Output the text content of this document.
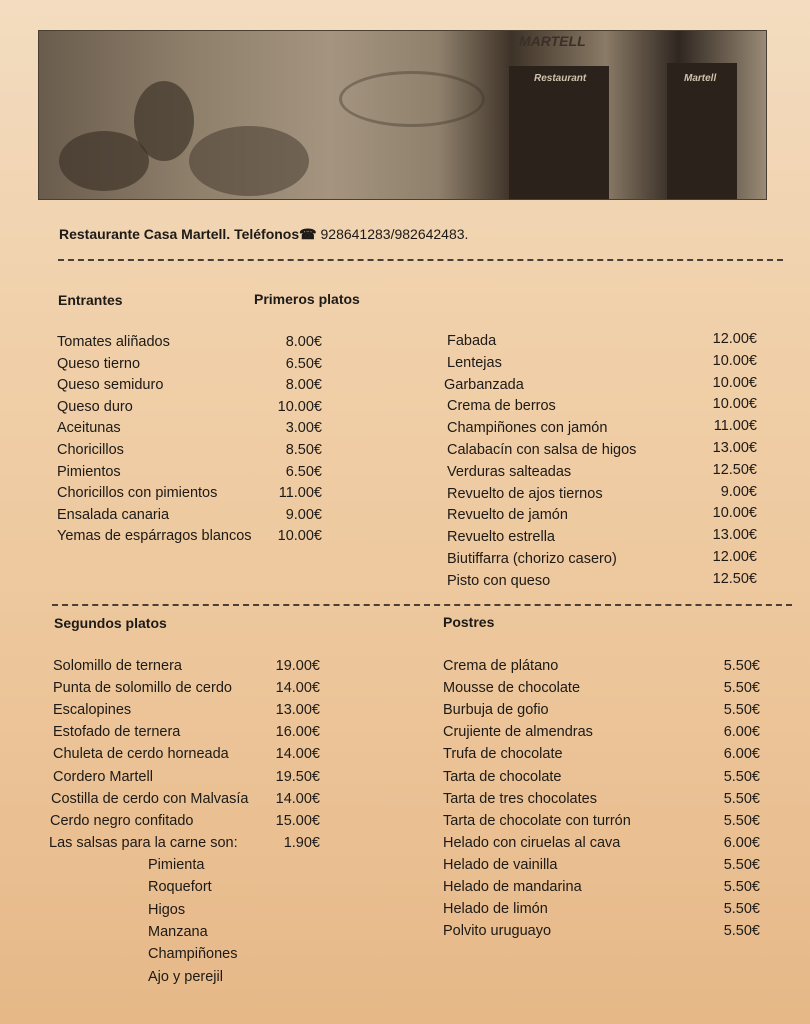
MARTELL
Restaurant	Martell
Restaurante Casa Martell. Teléfonos☎ 928641283/982642483.
Entrantes	Primeros platos
Tomates aliñados	8.00€
Queso tierno	6.50€
Queso semiduro	8.00€
Queso duro	10.00€
Aceitunas	3.00€
Choricillos	8.50€
Pimientos	6.50€
Choricillos con pimientos	11.00€
Ensalada canaria	9.00€
Yemas de espárragos blancos 10.00€
Fabada	12.00€
Lentejas	10.00€
Garbanzada	10.00€
Crema de berros	10.00€
Champiñones con jamón	11.00€
Calabacín con salsa de higos	13.00€
Verduras salteadas	12.50€
Revuelto de ajos tiernos	9.00€
Revuelto de jamón	10.00€
Revuelto estrella	13.00€
Biutiffarra (chorizo casero)	12.00€
Pisto con queso	12.50€
Segundos platos	Postres
Solomillo de ternera	19.00€
Punta de solomillo de cerdo	14.00€
Escalopines	13.00€
Estofado de ternera	16.00€
Chuleta de cerdo horneada	14.00€
Cordero Martell	19.50€
Costilla de cerdo con Malvasía 14.00€
Cerdo negro confitado	15.00€
Las salsas para la carne son:	1.90€
Crema de plátano	5.50€
Mousse de chocolate	5.50€
Burbuja de gofio	5.50€
Crujiente de almendras	6.00€
Trufa de chocolate	6.00€
Tarta de chocolate	5.50€
Tarta de tres chocolates	5.50€
Tarta de chocolate con turrón	5.50€
Helado con ciruelas al cava	6.00€
Helado de vainilla	5.50€
Helado de mandarina	5.50€
Helado de limón	5.50€
Polvito uruguayo	5.50€
Pimienta
Roquefort
Higos
Manzana
Champiñones
Ajo y perejil
